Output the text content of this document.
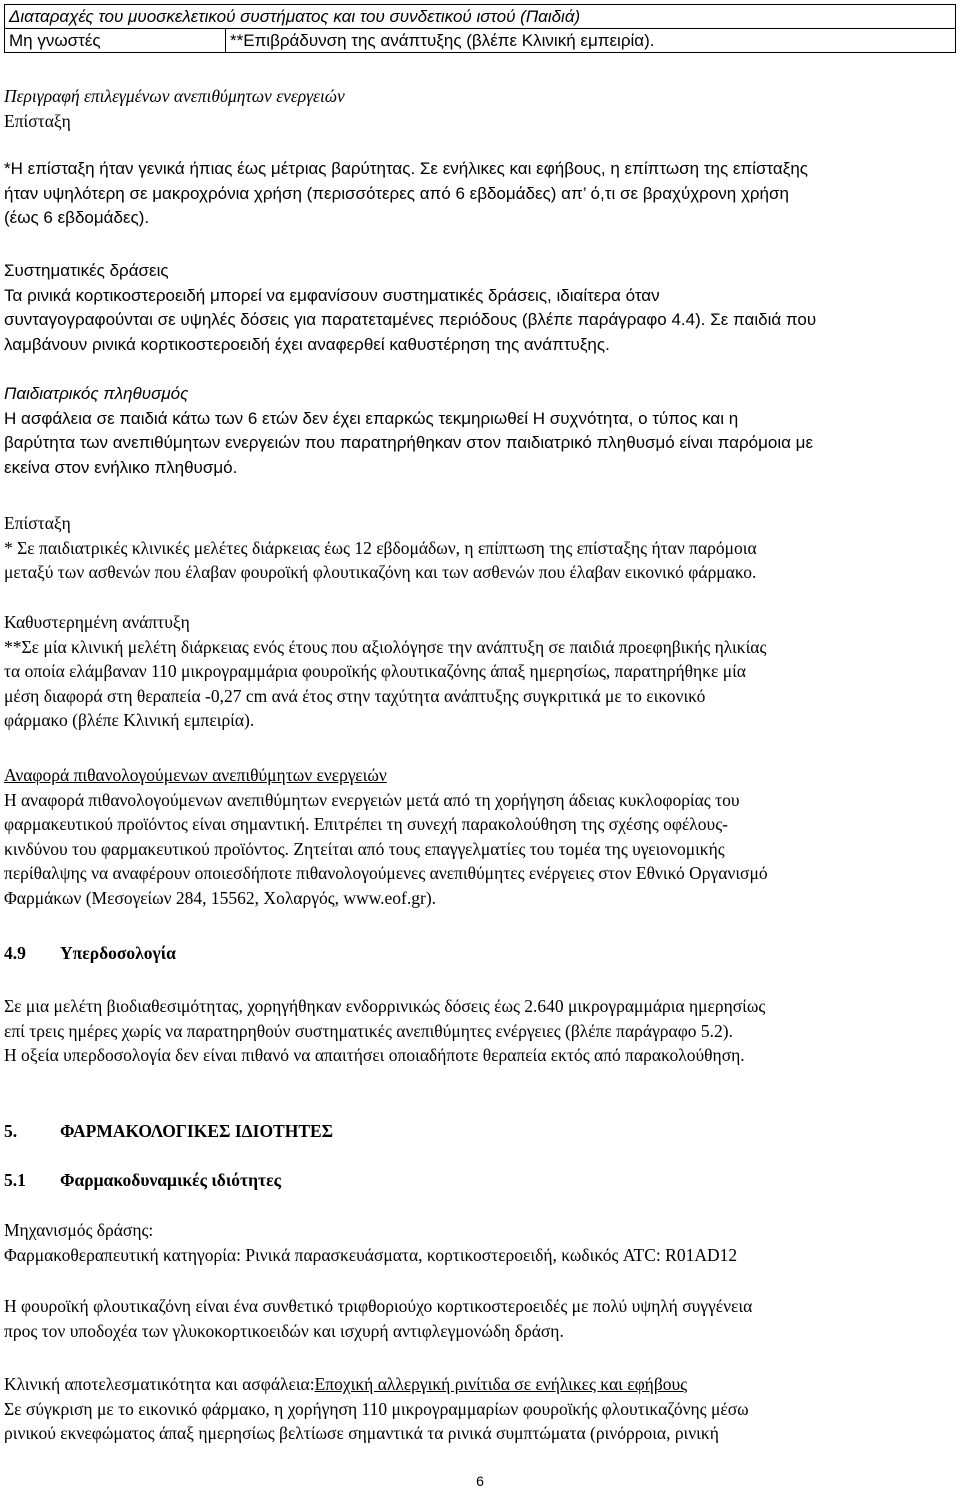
Διαταραχές του μυοσκελετικού συστήματος και του συνδετικού ιστού (Παιδιά)
Μη γνωστές	**Επιβράδυνση της ανάπτυξης (βλέπε Κλινική εμπειρία).
Περιγραφή επιλεγμένων ανεπιθύμητων ενεργειών
Επίσταξη
*Η επίσταξη ήταν γενικά ήπιας έως μέτριας βαρύτητας. Σε ενήλικες και εφήβους, η επίπτωση της επίσταξης
ήταν υψηλότερη σε μακροχρόνια χρήση (περισσότερες από 6 εβδομάδες) απ’ ό,τι σε βραχύχρονη χρήση
(έως 6 εβδομάδες).
Συστηματικές δράσεις
Τα ρινικά κορτικοστεροειδή μπορεί να εμφανίσουν συστηματικές δράσεις, ιδιαίτερα όταν
συνταγογραφούνται σε υψηλές δόσεις για παρατεταμένες περιόδους (βλέπε παράγραφο 4.4). Σε παιδιά που
λαμβάνουν ρινικά κορτικοστεροειδή έχει αναφερθεί καθυστέρηση της ανάπτυξης.
Παιδιατρικός πληθυσμός
Η ασφάλεια σε παιδιά κάτω των 6 ετών δεν έχει επαρκώς τεκμηριωθεί Η συχνότητα, ο τύπος και η
βαρύτητα των ανεπιθύμητων ενεργειών που παρατηρήθηκαν στον παιδιατρικό πληθυσμό είναι παρόμοια με
εκείνα στον ενήλικο πληθυσμό.
Επίσταξη
* Σε παιδιατρικές κλινικές μελέτες διάρκειας έως 12 εβδομάδων, η επίπτωση της επίσταξης ήταν παρόμοια
μεταξύ των ασθενών που έλαβαν φουροϊκή φλουτικαζόνη και των ασθενών που έλαβαν εικονικό φάρμακο.
Καθυστερημένη ανάπτυξη
**Σε μία κλινική μελέτη διάρκειας ενός έτους που αξιολόγησε την ανάπτυξη σε παιδιά προεφηβικής ηλικίας
τα οποία ελάμβαναν 110 μικρογραμμάρια φουροϊκής φλουτικαζόνης άπαξ ημερησίως, παρατηρήθηκε μία
μέση διαφορά στη θεραπεία -0,27 cm ανά έτος στην ταχύτητα ανάπτυξης συγκριτικά με το εικονικό
φάρμακο (βλέπε Κλινική εμπειρία).
Αναφορά πιθανολογούμενων ανεπιθύμητων ενεργειών
Η αναφορά πιθανολογούμενων ανεπιθύμητων ενεργειών μετά από τη χορήγηση άδειας κυκλοφορίας του
φαρμακευτικού προϊόντος είναι σημαντική. Επιτρέπει τη συνεχή παρακολούθηση της σχέσης οφέλους-
κινδύνου του φαρμακευτικού προϊόντος. Ζητείται από τους επαγγελματίες του τομέα της υγειονομικής
περίθαλψης να αναφέρουν οποιεσδήποτε πιθανολογούμενες ανεπιθύμητες ενέργειες στον Εθνικό Οργανισμό
Φαρμάκων (Μεσογείων 284, 15562, Χολαργός, www.eof.gr).
4.9 Υπερδοσολογία
Σε μια μελέτη βιοδιαθεσιμότητας, χορηγήθηκαν ενδορρινικώς δόσεις έως 2.640 μικρογραμμάρια ημερησίως
επί τρεις ημέρες χωρίς να παρατηρηθούν συστηματικές ανεπιθύμητες ενέργειες (βλέπε παράγραφο 5.2).
Η οξεία υπερδοσολογία δεν είναι πιθανό να απαιτήσει οποιαδήποτε θεραπεία εκτός από παρακολούθηση.
5. ΦΑΡΜΑΚΟΛΟΓΙΚΕΣ ΙΔΙΟΤΗΤΕΣ
5.1 Φαρμακοδυναμικές ιδιότητες
Μηχανισμός δράσης:
Φαρμακοθεραπευτική κατηγορία: Ρινικά παρασκευάσματα, κορτικοστεροειδή, κωδικός ATC: R01AD12
Η φουροϊκή φλουτικαζόνη είναι ένα συνθετικό τριφθοριούχο κορτικοστεροειδές με πολύ υψηλή συγγένεια
προς τον υποδοχέα των γλυκοκορτικοειδών και ισχυρή αντιφλεγμονώδη δράση.
Κλινική αποτελεσματικότητα και ασφάλεια:Εποχική αλλεργική ρινίτιδα σε ενήλικες και εφήβους
Σε σύγκριση με το εικονικό φάρμακο, η χορήγηση 110 μικρογραμμαρίων φουροϊκής φλουτικαζόνης μέσω
ρινικού εκνεφώματος άπαξ ημερησίως βελτίωσε σημαντικά τα ρινικά συμπτώματα (ρινόρροια, ρινική
6
